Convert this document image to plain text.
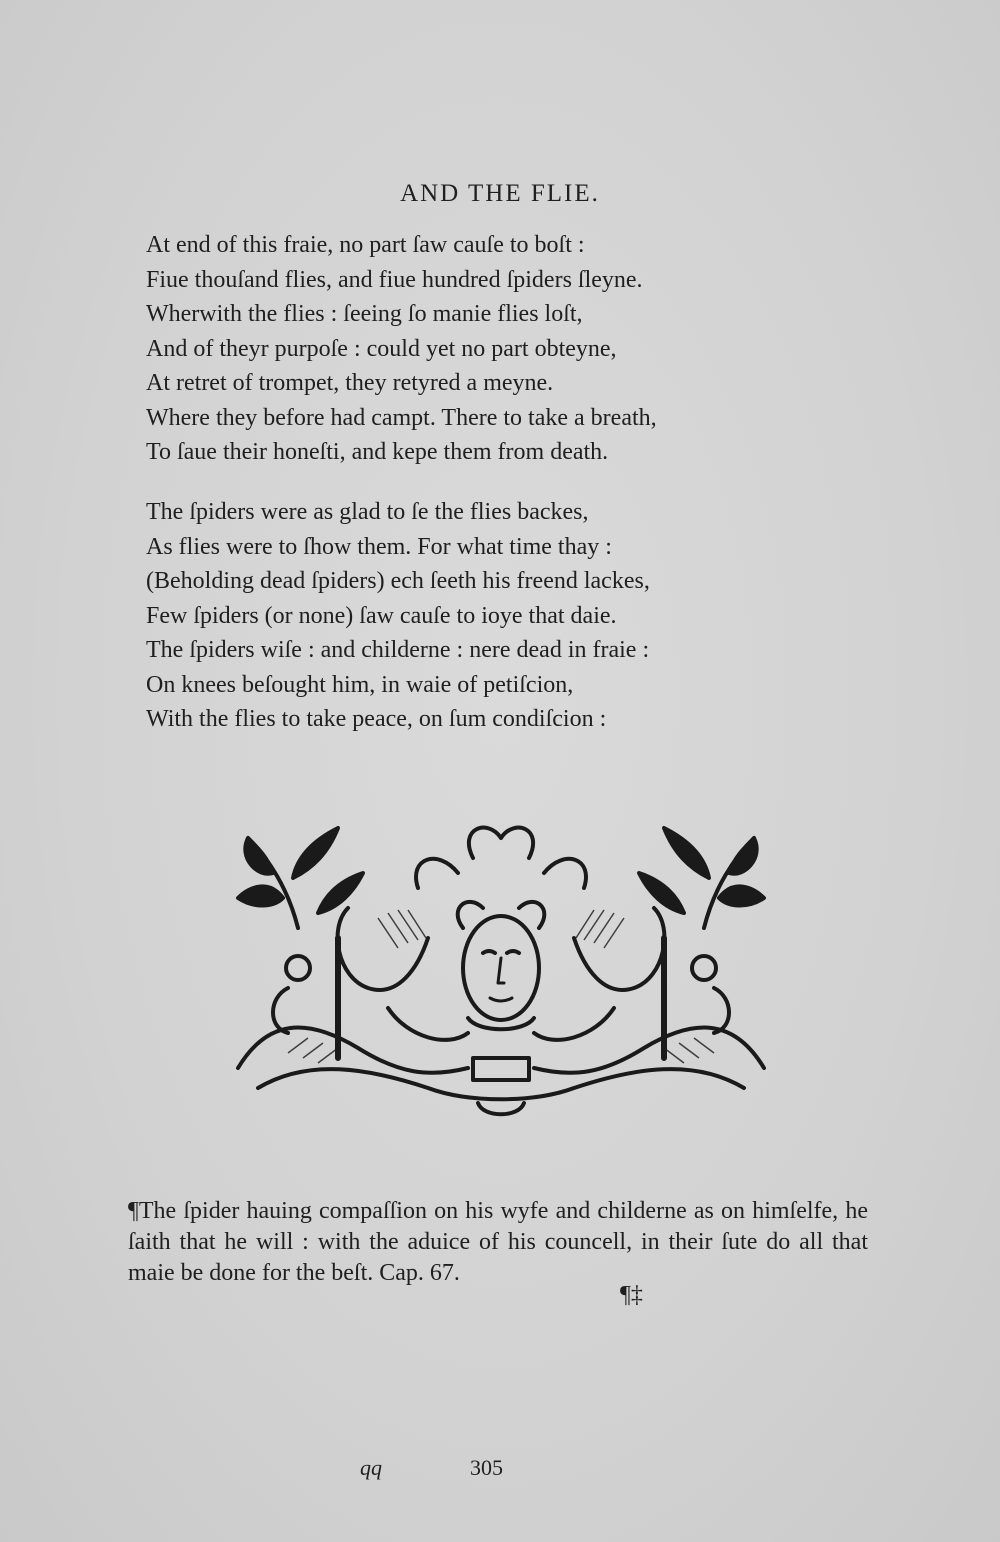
AND THE FLIE.
At end of this fraie, no part ſaw cauſe to boſt :
Fiue thouſand flies, and fiue hundred ſpiders ſleyne.
Wherwith the flies : ſeeing ſo manie flies loſt,
And of theyr purpoſe : could yet no part obteyne,
At retret of trompet, they retyred a meyne.
Where they before had campt. There to take a breath,
To ſaue their honeſti, and kepe them from death.
The ſpiders were as glad to ſe the flies backes,
As flies were to ſhow them. For what time thay :
(Beholding dead ſpiders) ech ſeeth his freend lackes,
Few ſpiders (or none) ſaw cauſe to ioye that daie.
The ſpiders wiſe : and childerne : nere dead in fraie :
On knees beſought him, in waie of petiſcion,
With the flies to take peace, on ſum condiſcion :
¶The ſpider hauing compaſſion on his wyfe and childerne as on himſelfe, he ſaith that he will : with the aduice of his councell, in their ſute do all that maie be done for the beſt. Cap. 67.
¶‡
qq	305
